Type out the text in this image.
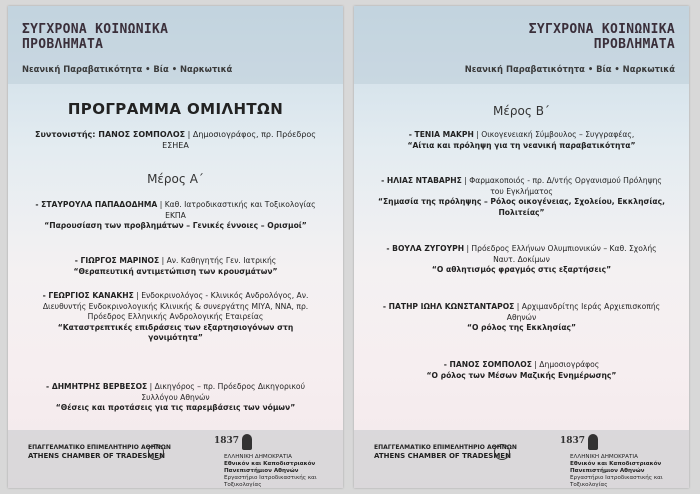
ΣΥΓΧΡΟΝΑ ΚΟΙΝΩΝΙΚΑ
ΠΡΟΒΛΗΜΑΤΑ
Νεανική Παραβατικότητα • Βία • Ναρκωτικά
ΠΡΟΓΡΑΜΜΑ ΟΜΙΛΗΤΩΝ
Συντονιστής: ΠΑΝΟΣ ΣΟΜΠΟΛΟΣ | Δημοσιογράφος, πρ. Πρόεδρος ΕΣΗΕΑ
Μέρος Α΄
- ΣΤΑΥΡΟΥΛΑ ΠΑΠΑΔΟΔΗΜΑ | Καθ. Ιατροδικαστικής και Τοξικολογίας ΕΚΠΑ
“Παρουσίαση των προβλημάτων – Γενικές έννοιες – Ορισμοί”
- ΓΙΩΡΓΟΣ ΜΑΡΙΝΟΣ | Αν. Καθηγητής Γεν. Ιατρικής
“Θεραπευτική αντιμετώπιση των κρουσμάτων”
- ΓΕΩΡΓΙΟΣ ΚΑΝΑΚΗΣ | Ενδοκρινολόγος - Κλινικός Ανδρολόγος, Αν. Διευθυντής Ενδοκρινολογικής Κλινικής & συνεργάτης ΜΙΥΑ, ΝΝΑ, πρ. Πρόεδρος Ελληνικής Ανδρολογικής Εταιρείας
“Καταστρεπτικές επιδράσεις των εξαρτησιογόνων στη γονιμότητα”
- ΔΗΜΗΤΡΗΣ ΒΕΡΒΕΣΟΣ | Δικηγόρος – πρ. Πρόεδρος Δικηγορικού Συλλόγου Αθηνών
“Θέσεις και προτάσεις για τις παρεμβάσεις των νόμων”
ΕΠΑΓΓΕΛΜΑΤΙΚΟ ΕΠΙΜΕΛΗΤΗΡΙΟ ΑΘΗΝΩΝ
ATHENS CHAMBER OF TRADESMEN
1837
ΕΛΛΗΝΙΚΗ ΔΗΜΟΚΡΑΤΙΑ
Εθνικόν και Καποδιστριακόν
Πανεπιστήμιον Αθηνών
Εργαστήριο Ιατροδικαστικής και Τοξικολογίας
ΣΥΓΧΡΟΝΑ ΚΟΙΝΩΝΙΚΑ
ΠΡΟΒΛΗΜΑΤΑ
Νεανική Παραβατικότητα • Βία • Ναρκωτικά
Μέρος Β΄
- ΤΕΝΙΑ ΜΑΚΡΗ | Οικογενειακή Σύμβουλος – Συγγραφέας,
“Αίτια και πρόληψη για τη νεανική παραβατικότητα”
- ΗΛΙΑΣ ΝΤΑΒΑΡΗΣ | Φαρμακοποιός - πρ. Δ/ντής Οργανισμού Πρόληψης του Εγκλήματος
“Σημασία της πρόληψης – Ρόλος οικογένειας, Σχολείου, Εκκλησίας, Πολιτείας”
- ΒΟΥΛΑ ΖΥΓΟΥΡΗ | Πρόεδρος Ελλήνων Ολυμπιονικών – Καθ. Σχολής Ναυτ. Δοκίμων
“Ο αθλητισμός φραγμός στις εξαρτήσεις”
- ΠΑΤΗΡ ΙΩΗΛ ΚΩΝΣΤΑΝΤΑΡΟΣ | Αρχιμανδρίτης Ιεράς Αρχιεπισκοπής Αθηνών
“Ο ρόλος της Εκκλησίας”
- ΠΑΝΟΣ ΣΟΜΠΟΛΟΣ | Δημοσιογράφος
“Ο ρόλος των Μέσων Μαζικής Ενημέρωσης”
ΕΠΑΓΓΕΛΜΑΤΙΚΟ ΕΠΙΜΕΛΗΤΗΡΙΟ ΑΘΗΝΩΝ
ATHENS CHAMBER OF TRADESMEN
1837
ΕΛΛΗΝΙΚΗ ΔΗΜΟΚΡΑΤΙΑ
Εθνικόν και Καποδιστριακόν
Πανεπιστήμιον Αθηνών
Εργαστήριο Ιατροδικαστικής και Τοξικολογίας
